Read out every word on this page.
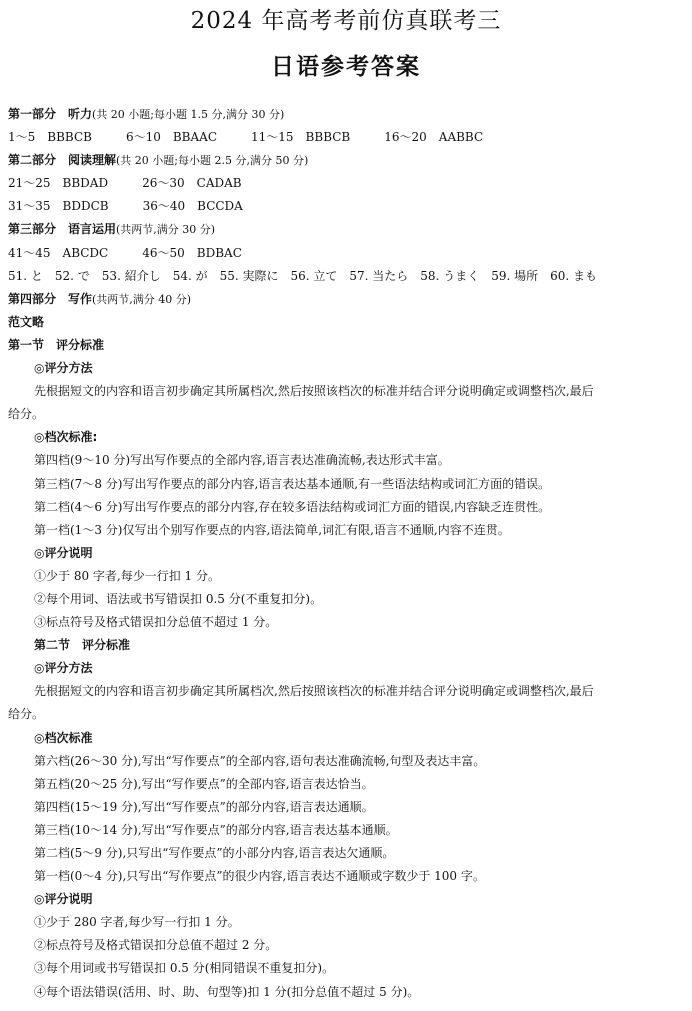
2024 年高考考前仿真联考三
日语参考答案
第一部分　听力(共 20 小题;每小题 1.5 分,满分 30 分)
1～5　BBBCB	6～10　BBAAC	11～15　BBBCB	16～20　AABBC
第二部分　阅读理解(共 20 小题;每小题 2.5 分,满分 50 分)
21～25　BBDAD	26～30　CADAB
31～35　BDDCB	36～40　BCCDA
第三部分　语言运用(共两节,满分 30 分)
41～45　ABCDC	46～50　BDBAC
51. と　52. で　53. 紹介し　54. が　55. 実際に　56. 立て　57. 当たら　58. うまく　59. 場所　60. まも
第四部分　写作(共两节,满分 40 分)
范文略
第一节　评分标准
◎评分方法
先根据短文的内容和语言初步确定其所属档次,然后按照该档次的标准并结合评分说明确定或调整档次,最后
给分。
◎档次标准:
第四档(9～10 分)写出写作要点的全部内容,语言表达准确流畅,表达形式丰富。
第三档(7～8 分)写出写作要点的部分内容,语言表达基本通顺,有一些语法结构或词汇方面的错误。
第二档(4～6 分)写出写作要点的部分内容,存在较多语法结构或词汇方面的错误,内容缺乏连贯性。
第一档(1～3 分)仅写出个别写作要点的内容,语法简单,词汇有限,语言不通顺,内容不连贯。
◎评分说明
①少于 80 字者,每少一行扣 1 分。
②每个用词、语法或书写错误扣 0.5 分(不重复扣分)。
③标点符号及格式错误扣分总值不超过 1 分。
第二节　评分标准
◎评分方法
先根据短文的内容和语言初步确定其所属档次,然后按照该档次的标准并结合评分说明确定或调整档次,最后
给分。
◎档次标准
第六档(26～30 分),写出“写作要点”的全部内容,语句表达准确流畅,句型及表达丰富。
第五档(20～25 分),写出“写作要点”的全部内容,语言表达恰当。
第四档(15～19 分),写出“写作要点”的部分内容,语言表达通顺。
第三档(10～14 分),写出“写作要点”的部分内容,语言表达基本通顺。
第二档(5～9 分),只写出“写作要点”的小部分内容,语言表达欠通顺。
第一档(0～4 分),只写出“写作要点”的很少内容,语言表达不通顺或字数少于 100 字。
◎评分说明
①少于 280 字者,每少写一行扣 1 分。
②标点符号及格式错误扣分总值不超过 2 分。
③每个用词或书写错误扣 0.5 分(相同错误不重复扣分)。
④每个语法错误(活用、时、助、句型等)扣 1 分(扣分总值不超过 5 分)。
